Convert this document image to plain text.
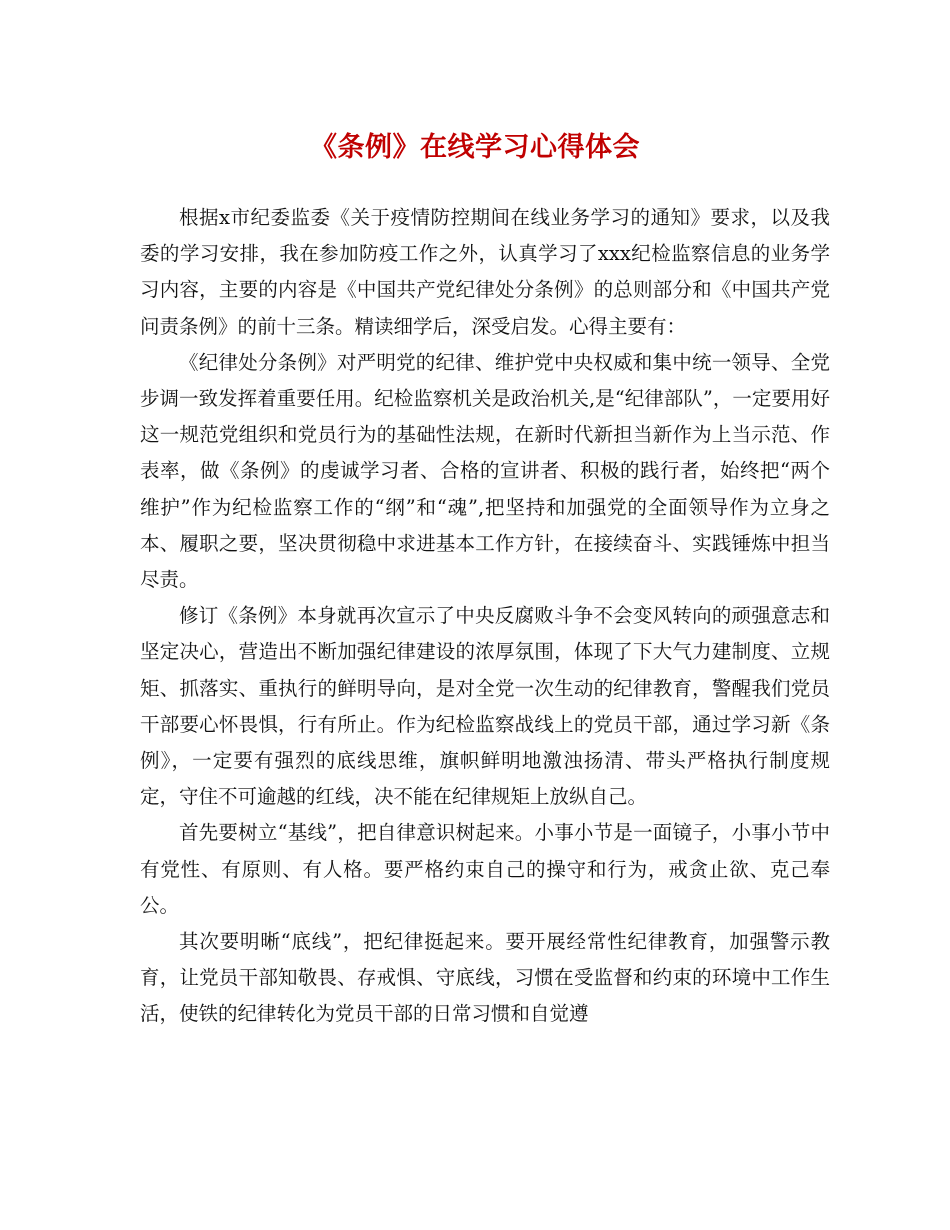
《条例》在线学习心得体会

根据x市纪委监委《关于疫情防控期间在线业务学习的通知》要求，以及我委的学习安排，我在参加防疫工作之外，认真学习了xxx纪检监察信息的业务学习内容，主要的内容是《中国共产党纪律处分条例》的总则部分和《中国共产党问责条例》的前十三条。精读细学后，深受启发。心得主要有：

《纪律处分条例》对严明党的纪律、维护党中央权威和集中统一领导、全党步调一致发挥着重要任用。纪检监察机关是政治机关,是“纪律部队”，一定要用好这一规范党组织和党员行为的基础性法规，在新时代新担当新作为上当示范、作表率，做《条例》的虔诚学习者、合格的宣讲者、积极的践行者，始终把“两个维护”作为纪检监察工作的“纲”和“魂”,把坚持和加强党的全面领导作为立身之本、履职之要，坚决贯彻稳中求进基本工作方针，在接续奋斗、实践锤炼中担当尽责。

修订《条例》本身就再次宣示了中央反腐败斗争不会变风转向的顽强意志和坚定决心，营造出不断加强纪律建设的浓厚氛围，体现了下大气力建制度、立规矩、抓落实、重执行的鲜明导向，是对全党一次生动的纪律教育，警醒我们党员干部要心怀畏惧，行有所止。作为纪检监察战线上的党员干部，通过学习新《条例》，一定要有强烈的底线思维，旗帜鲜明地激浊扬清、带头严格执行制度规定，守住不可逾越的红线，决不能在纪律规矩上放纵自己。

首先要树立“基线”，把自律意识树起来。小事小节是一面镜子，小事小节中有党性、有原则、有人格。要严格约束自己的操守和行为，戒贪止欲、克己奉公。

其次要明晰“底线”，把纪律挺起来。要开展经常性纪律教育，加强警示教育，让党员干部知敬畏、存戒惧、守底线，习惯在受监督和约束的环境中工作生活，使铁的纪律转化为党员干部的日常习惯和自觉遵
